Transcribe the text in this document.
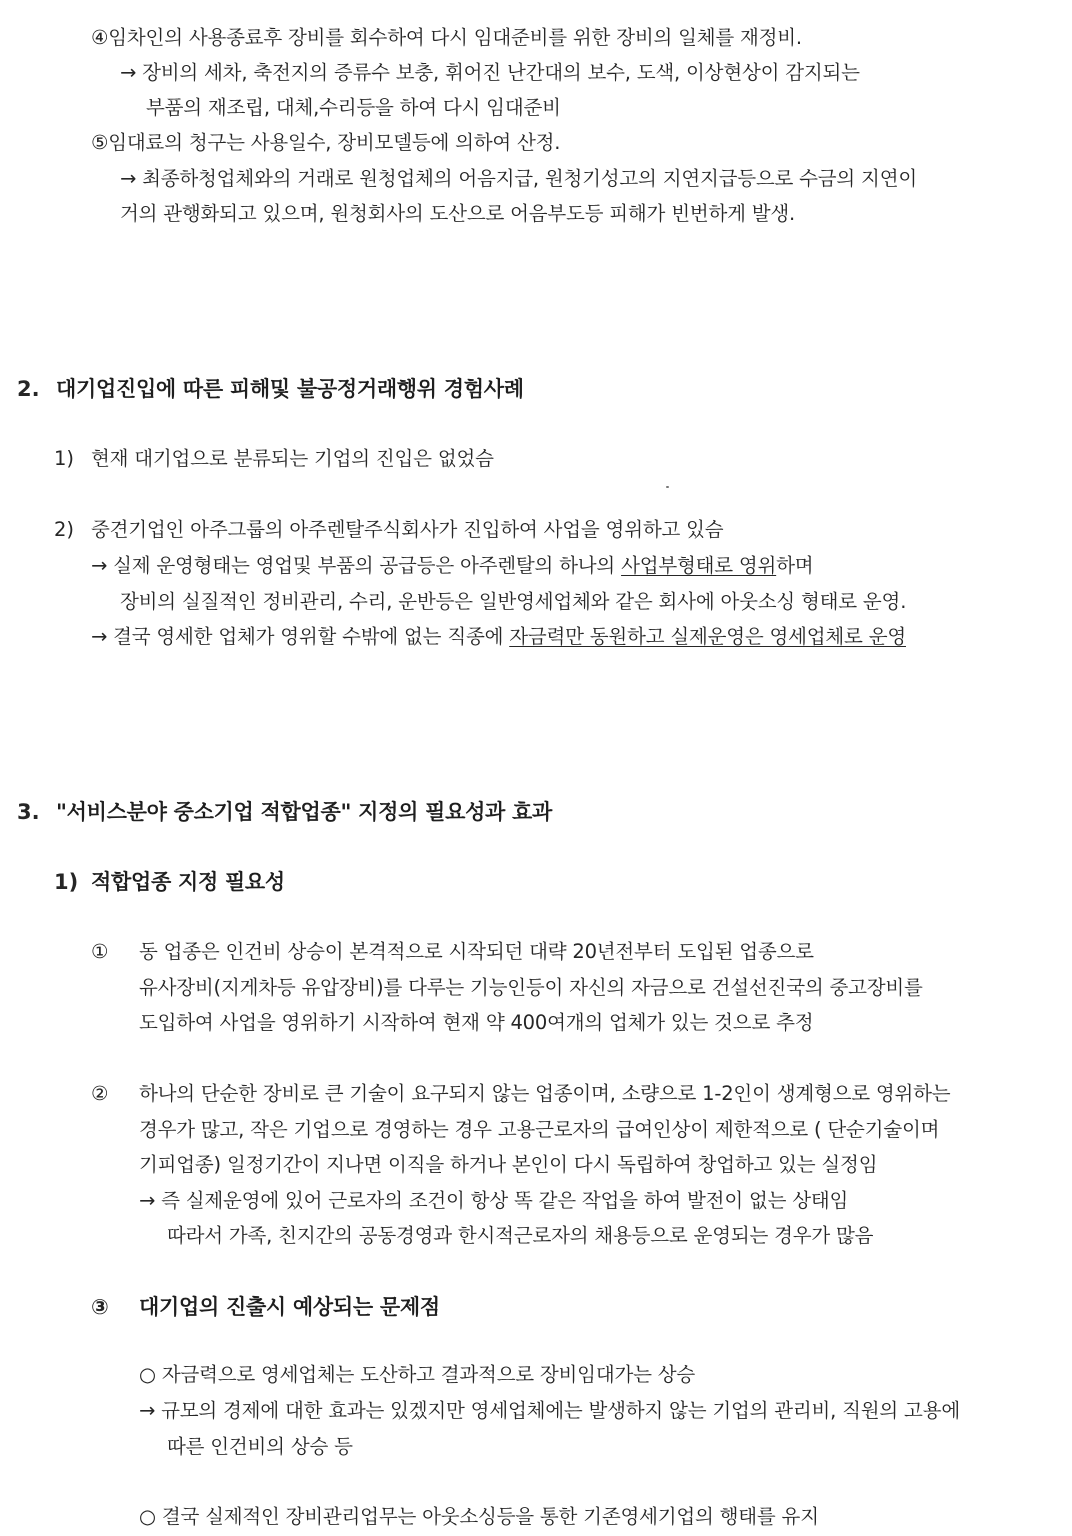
④임차인의 사용종료후 장비를 회수하여 다시 임대준비를 위한 장비의 일체를 재정비.
→ 장비의 세차, 축전지의 증류수 보충, 휘어진 난간대의 보수, 도색, 이상현상이 감지되는
부품의 재조립, 대체,수리등을 하여 다시 임대준비
⑤임대료의 청구는 사용일수, 장비모델등에 의하여 산정.
→ 최종하청업체와의 거래로 원청업체의 어음지급, 원청기성고의 지연지급등으로 수금의 지연이
거의 관행화되고 있으며, 원청회사의 도산으로 어음부도등 피해가 빈번하게 발생.
2. 대기업진입에 따른 피해및 불공정거래행위 경험사례
1) 현재 대기업으로 분류되는 기업의 진입은 없었슴
2) 중견기업인 아주그룹의 아주렌탈주식회사가 진입하여 사업을 영위하고 있슴
→ 실제 운영형태는 영업및 부품의 공급등은 아주렌탈의 하나의 사업부형태로 영위하며
장비의 실질적인 정비관리, 수리, 운반등은 일반영세업체와 같은 회사에 아웃소싱 형태로 운영.
→ 결국 영세한 업체가 영위할 수밖에 없는 직종에 자금력만 동원하고 실제운영은 영세업체로 운영
3. "서비스분야 중소기업 적합업종" 지정의 필요성과 효과
1) 적합업종 지정 필요성
① 동 업종은 인건비 상승이 본격적으로 시작되던 대략 20년전부터 도입된 업종으로
유사장비(지게차등 유압장비)를 다루는 기능인등이 자신의 자금으로 건설선진국의 중고장비를
도입하여 사업을 영위하기 시작하여 현재 약 400여개의 업체가 있는 것으로 추정
② 하나의 단순한 장비로 큰 기술이 요구되지 않는 업종이며, 소량으로 1-2인이 생계형으로 영위하는
경우가 많고, 작은 기업으로 경영하는 경우 고용근로자의 급여인상이 제한적으로 ( 단순기술이며
기피업종) 일정기간이 지나면 이직을 하거나 본인이 다시 독립하여 창업하고 있는 실정임
→ 즉 실제운영에 있어 근로자의 조건이 항상 똑 같은 작업을 하여 발전이 없는 상태임
따라서 가족, 친지간의 공동경영과 한시적근로자의 채용등으로 운영되는 경우가 많음
③ 대기업의 진출시 예상되는 문제점
○ 자금력으로 영세업체는 도산하고 결과적으로 장비임대가는 상승
→ 규모의 경제에 대한 효과는 있겠지만 영세업체에는 발생하지 않는 기업의 관리비, 직원의 고용에
따른 인건비의 상승 등
○ 결국 실제적인 장비관리업무는 아웃소싱등을 통한 기존영세기업의 행태를 유지
